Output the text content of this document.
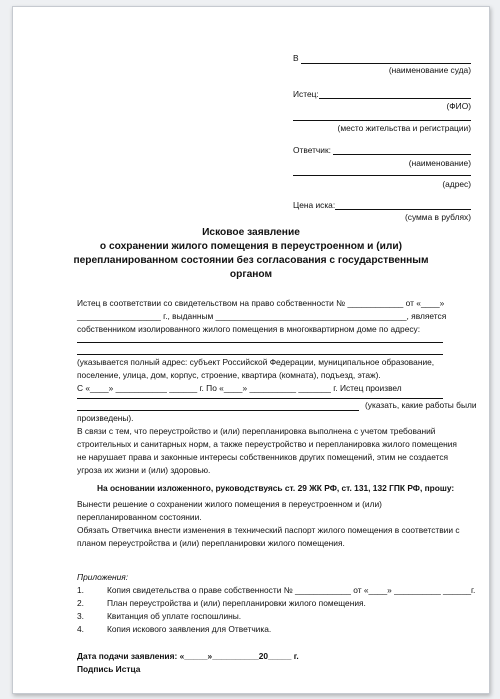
В
(наименование суда)
Истец:
(ФИО)
(место жительства и регистрации)
Ответчик:
(наименование)
(адрес)
Цена иска:
(сумма в рублях)
Исковое заявление
о сохранении жилого помещения в переустроенном и (или)
перепланированном состоянии без согласования с государственным
органом
Истец в соответствии со свидетельством на право собственности № ____________ от «____»
__________________ г., выданным _________________________________________, является
собственником изолированного жилого помещения в многоквартирном доме по адресу:
(указывается полный адрес: субъект Российской Федерации, муниципальное образование,
поселение, улица, дом, корпус, строение, квартира (комната), подъезд, этаж).
С «____» ___________ ______ г. По «____» __________ _______ г. Истец произвел
(указать, какие работы были
произведены).
В связи с тем, что переустройство и (или) перепланировка выполнена с учетом требований
строительных и санитарных норм, а также переустройство и перепланировка жилого помещения
не нарушает права и законные интересы собственников других помещений, этим не создается
угроза их жизни и (или) здоровью.
На основании изложенного, руководствуясь ст. 29 ЖК РФ, ст. 131, 132 ГПК РФ, прошу:
Вынести решение о сохранении жилого помещения в переустроенном и (или)
перепланированном состоянии.
Обязать Ответчика внести изменения в технический паспорт жилого помещения в соответствии с
планом переустройства и (или) перепланировки жилого помещения.
Приложения:
1.	Копия свидетельства о праве собственности № ____________ от «____» __________ ______г.
2.	План переустройства и (или) перепланировки жилого помещения.
3.	Квитанция об уплате госпошлины.
4.	Копия искового заявления для Ответчика.
Дата подачи заявления: «_____»__________20_____ г.
Подпись Истца
